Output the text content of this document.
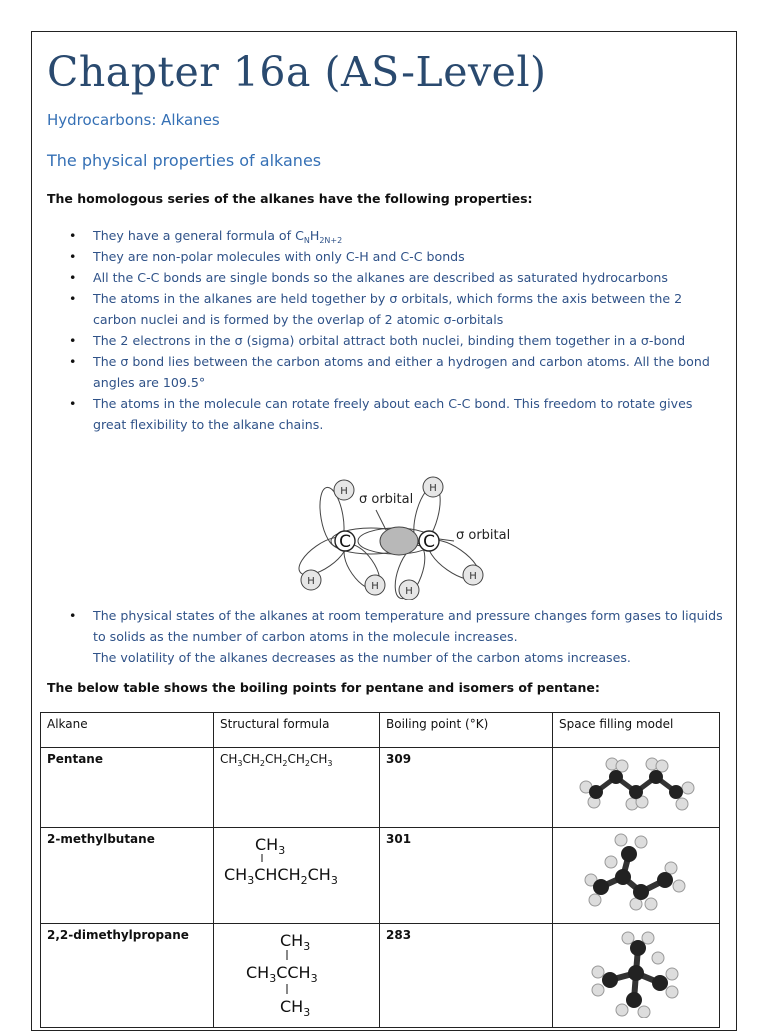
Chapter 16a (AS-Level)
Hydrocarbons: Alkanes
The physical properties of alkanes
The homologous series of the alkanes have the following properties:
• They have a general formula of $C_NH_{2N+2}$
• They are non-polar molecules with only C-H and C-C bonds
• All the C-C bonds are single bonds so the alkanes are described as saturated hydrocarbons
• The atoms in the alkanes are held together by σ orbitals, which forms the axis between the 2 carbon nuclei and is formed by the overlap of 2 atomic σ-orbitals
• The 2 electrons in the σ (sigma) orbital attract both nuclei, binding them together in a σ-bond
• The σ bond lies between the carbon atoms and either a hydrogen and carbon atoms. All the bond angles are 109.5°
• The atoms in the molecule can rotate freely about each C-C bond. This freedom to rotate gives great flexibility to the alkane chains.
C	C
H	H
H	H	H
H
σ orbital
σ orbital
• The physical states of the alkanes at room temperature and pressure changes form gases to liquids to solids as the number of carbon atoms in the molecule increases.
The volatility of the alkanes decreases as the number of the carbon atoms increases.
The below table shows the boiling points for pentane and isomers of pentane:
Alkane	Structural formula	Boiling point (°K)	Space filling model
Pentane	$CH_3CH_2CH_2CH_2CH_3$	309	

2-methylbutane	$CH_3$
$CH_3CHCH_2CH_3$	301	

2,2-dimethylpropane	$CH_3$
$CH_3CCH_3$
$CH_3$	283	
